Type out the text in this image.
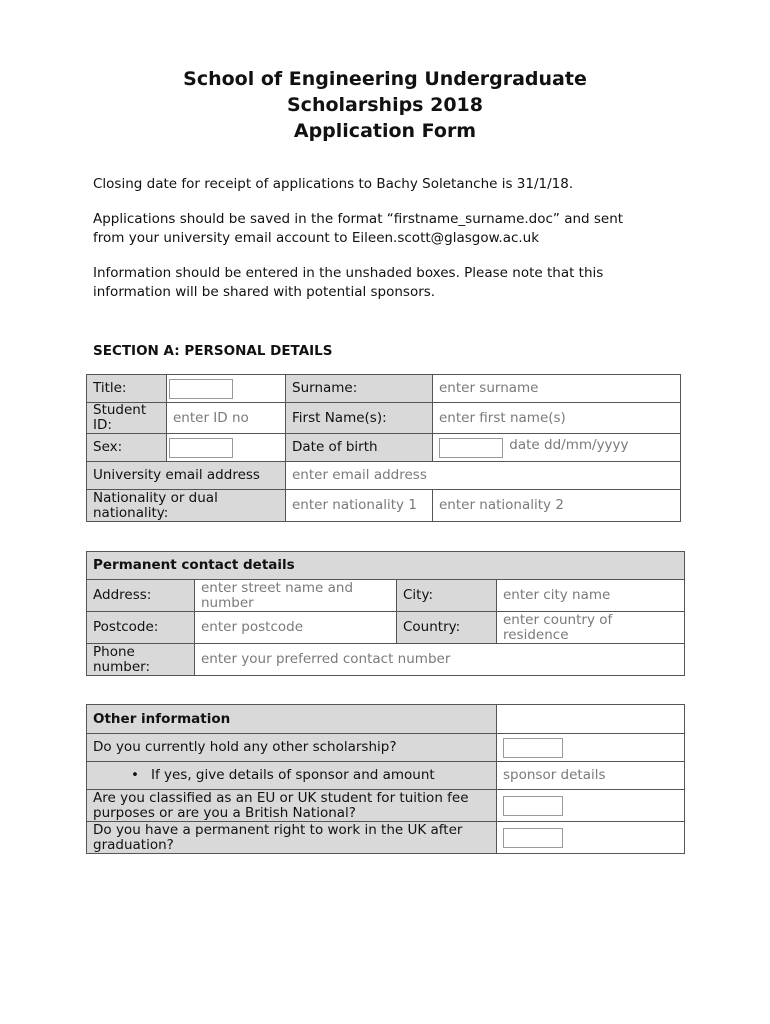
School of Engineering Undergraduate
Scholarships 2018
Application Form
Closing date for receipt of applications to Bachy Soletanche is 31/1/18.
Applications should be saved in the format “firstname_surname.doc” and sent
from your university email account to Eileen.scott@glasgow.ac.uk
Information should be entered in the unshaded boxes. Please note that this
information will be shared with potential sponsors.
SECTION A: PERSONAL DETAILS
Title:		Surname:	enter surname
Student ID:	enter ID no	First Name(s):	enter first name(s)
Sex:		Date of birth	date dd/mm/yyyy
University email address		enter email address	
Nationality or dual nationality:		enter nationality 1	enter nationality 2
Permanent contact details			
Address:	enter street name and number	City:	enter city name
Postcode:	enter postcode	Country:	enter country of residence
Phone number:	enter your preferred contact number		
Other information	
Do you currently hold any other scholarship?	
• If yes, give details of sponsor and amount	sponsor details
Are you classified as an EU or UK student for tuition fee purposes or are you a British National?	
Do you have a permanent right to work in the UK after graduation?	
